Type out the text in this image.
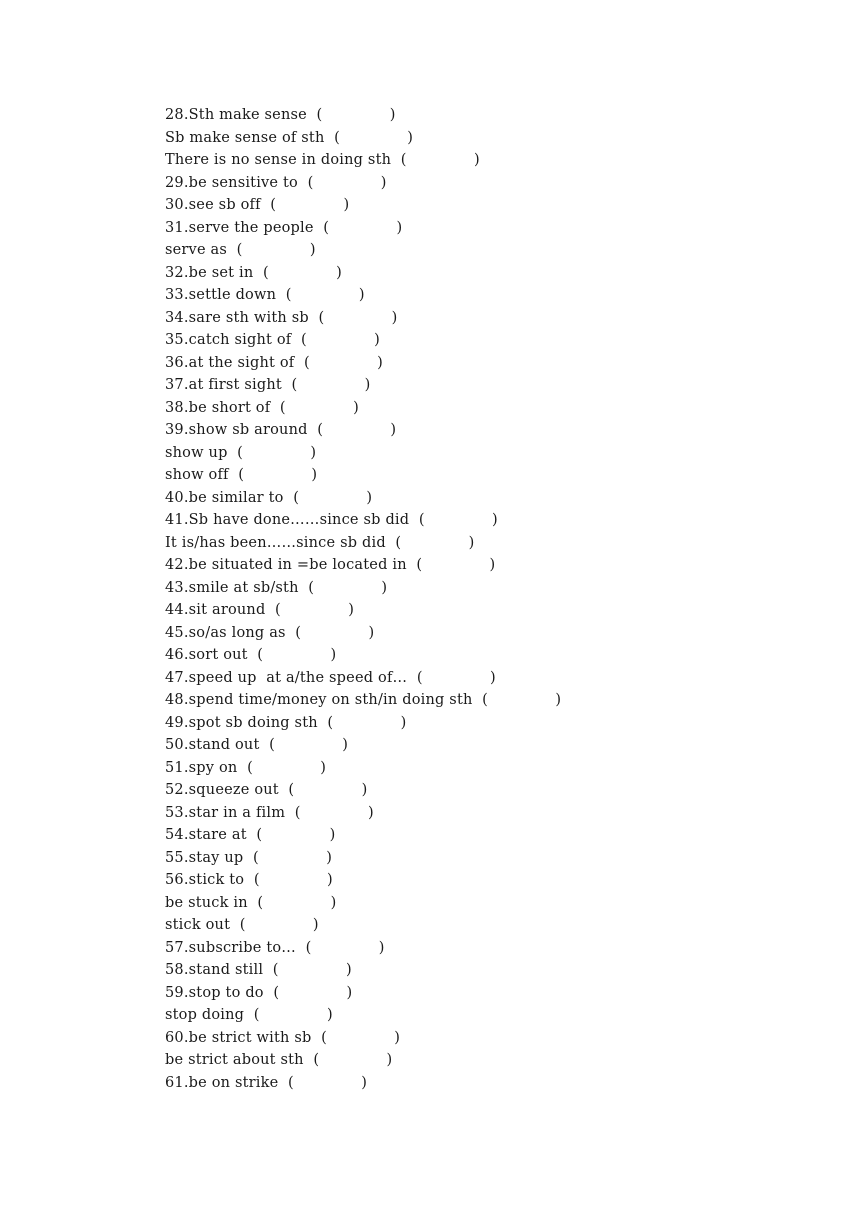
28.Sth make sense  (              )
Sb make sense of sth  (              )
There is no sense in doing sth  (              )
29.be sensitive to  (              )
30.see sb off  (              )
31.serve the people  (              )
serve as  (              )
32.be set in  (              )
33.settle down  (              )
34.sare sth with sb  (              )
35.catch sight of  (              )
36.at the sight of  (              )
37.at first sight  (              )
38.be short of  (              )
39.show sb around  (              )
show up  (              )
show off  (              )
40.be similar to  (              )
41.Sb have done……since sb did  (              )
It is/has been……since sb did  (              )
42.be situated in =be located in  (              )
43.smile at sb/sth  (              )
44.sit around  (              )
45.so/as long as  (              )
46.sort out  (              )
47.speed up  at a/the speed of…  (              )
48.spend time/money on sth/in doing sth  (              )
49.spot sb doing sth  (              )
50.stand out  (              )
51.spy on  (              )
52.squeeze out  (              )
53.star in a film  (              )
54.stare at  (              )
55.stay up  (              )
56.stick to  (              )
be stuck in  (              )
stick out  (              )
57.subscribe to…  (              )
58.stand still  (              )
59.stop to do  (              )
stop doing  (              )
60.be strict with sb  (              )
be strict about sth  (              )
61.be on strike  (              )
